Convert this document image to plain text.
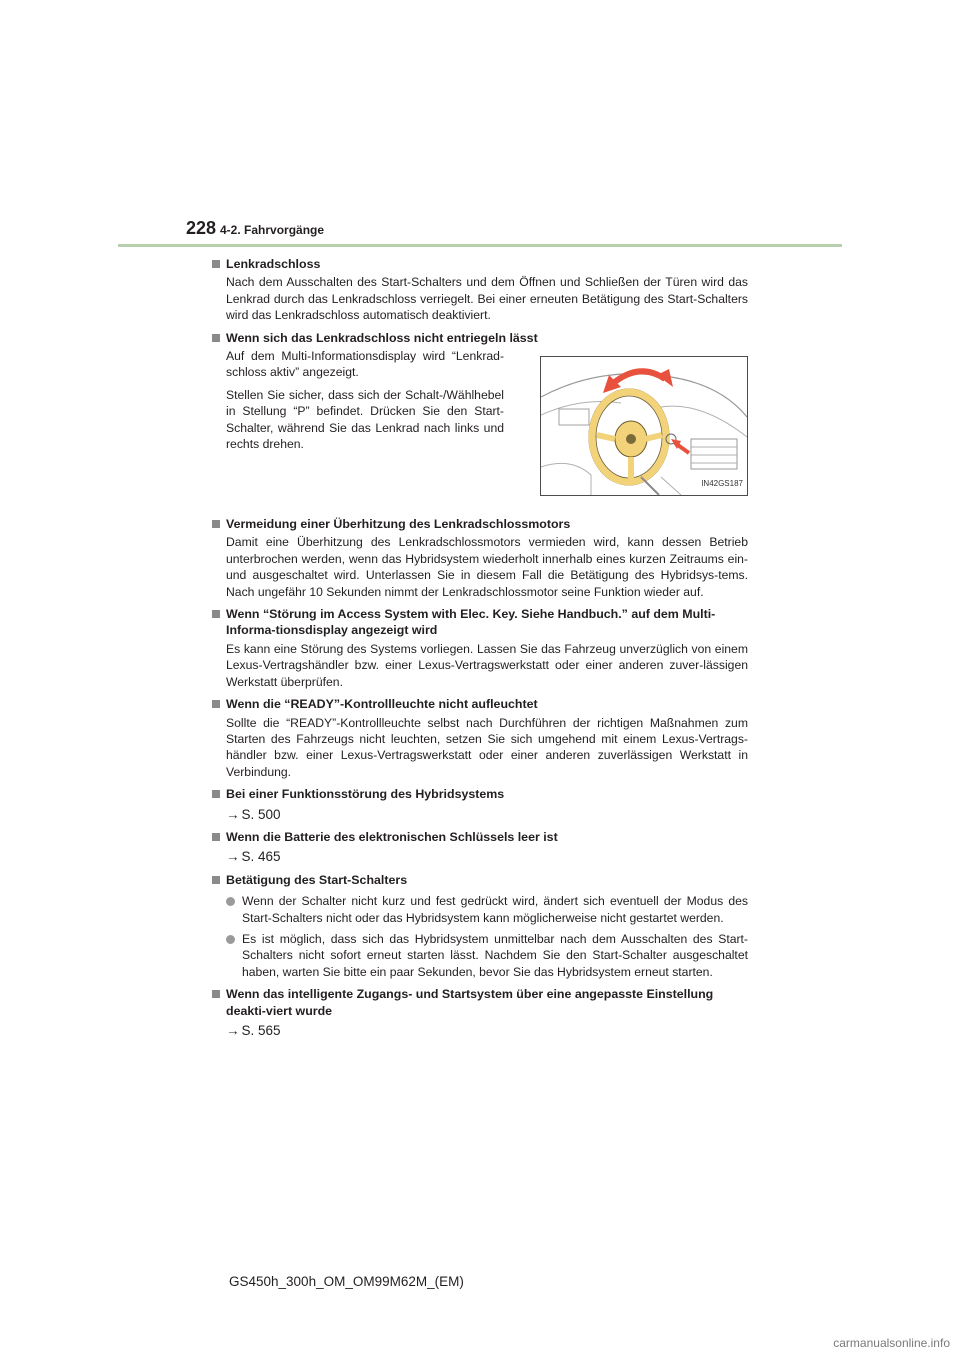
228 4-2. Fahrvorgänge
Lenkradschloss
Nach dem Ausschalten des Start-Schalters und dem Öffnen und Schließen der Türen wird das Lenkrad durch das Lenkradschloss verriegelt. Bei einer erneuten Betätigung des Start-Schalters wird das Lenkradschloss automatisch deaktiviert.
Wenn sich das Lenkradschloss nicht entriegeln lässt

Auf dem Multi-Informationsdisplay wird “Lenkrad-schloss aktiv” angezeigt.

Stellen Sie sicher, dass sich der Schalt-/Wählhebel in Stellung “P” befindet. Drücken Sie den Start-Schalter, während Sie das Lenkrad nach links und rechts drehen.

IN42GS187
Vermeidung einer Überhitzung des Lenkradschlossmotors
Damit eine Überhitzung des Lenkradschlossmotors vermieden wird, kann dessen Betrieb unterbrochen werden, wenn das Hybridsystem wiederholt innerhalb eines kurzen Zeitraums ein- und ausgeschaltet wird. Unterlassen Sie in diesem Fall die Betätigung des Hybridsys-tems. Nach ungefähr 10 Sekunden nimmt der Lenkradschlossmotor seine Funktion wieder auf.
Wenn “Störung im Access System with Elec. Key. Siehe Handbuch.” auf dem Multi-Informa-tionsdisplay angezeigt wird
Es kann eine Störung des Systems vorliegen. Lassen Sie das Fahrzeug unverzüglich von einem Lexus-Vertragshändler bzw. einer Lexus-Vertragswerkstatt oder einer anderen zuver-lässigen Werkstatt überprüfen.
Wenn die “READY”-Kontrollleuchte nicht aufleuchtet
Sollte die “READY”-Kontrollleuchte selbst nach Durchführen der richtigen Maßnahmen zum Starten des Fahrzeugs nicht leuchten, setzen Sie sich umgehend mit einem Lexus-Vertrags-händler bzw. einer Lexus-Vertragswerkstatt oder einer anderen zuverlässigen Werkstatt in Verbindung.
Bei einer Funktionsstörung des Hybridsystems
→ S. 500
Wenn die Batterie des elektronischen Schlüssels leer ist
→ S. 465
Betätigung des Start-Schalters
Wenn der Schalter nicht kurz und fest gedrückt wird, ändert sich eventuell der Modus des Start-Schalters nicht oder das Hybridsystem kann möglicherweise nicht gestartet werden.
Es ist möglich, dass sich das Hybridsystem unmittelbar nach dem Ausschalten des Start-Schalters nicht sofort erneut starten lässt. Nachdem Sie den Start-Schalter ausgeschaltet haben, warten Sie bitte ein paar Sekunden, bevor Sie das Hybridsystem erneut starten.
Wenn das intelligente Zugangs- und Startsystem über eine angepasste Einstellung deakti-viert wurde
→ S. 565
GS450h_300h_OM_OM99M62M_(EM)
carmanualsonline.info
